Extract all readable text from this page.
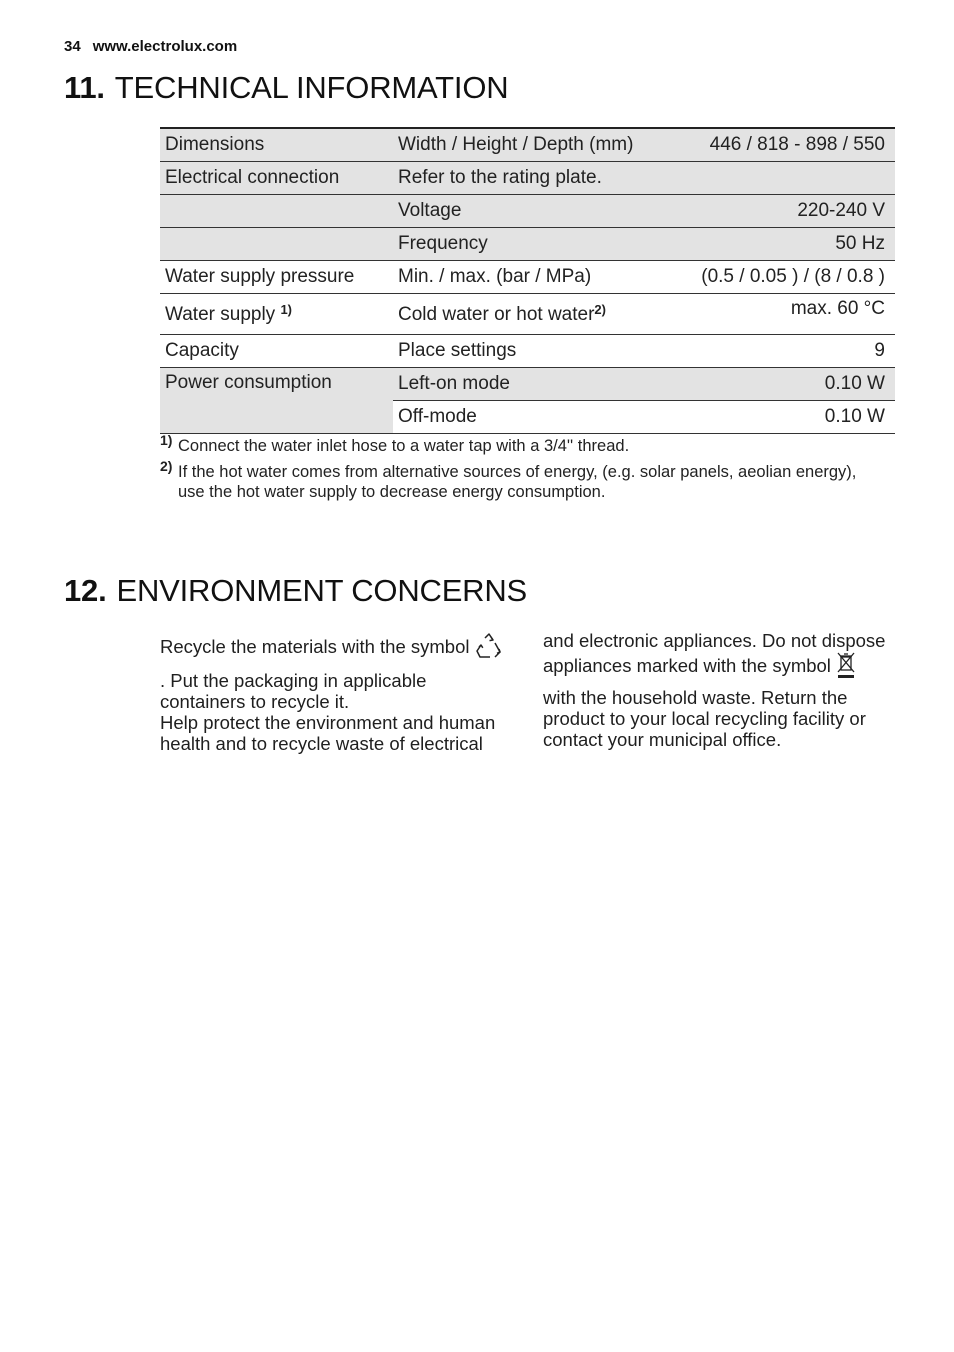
34 www.electrolux.com
11. TECHNICAL INFORMATION
Dimensions	Width / Height / Depth (mm)	446 / 818 - 898 / 550
Electrical connection	Refer to the rating plate.	
	Voltage	220-240 V
	Frequency	50 Hz
Water supply pressure	Min. / max. (bar / MPa)	(0.5 / 0.05 ) / (8 / 0.8 )
Water supply $^{1)}$	Cold water or hot water$^{2)}$	max. 60 °C
Capacity	Place settings	9
Power consumption	Left-on mode	0.10 W
	Off-mode	0.10 W
1) Connect the water inlet hose to a water tap with a 3/4'' thread.
2) If the hot water comes from alternative sources of energy, (e.g. solar panels, aeolian energy), use the hot water supply to decrease energy consumption.
12. ENVIRONMENT CONCERNS

Recycle the materials with the symbol

. Put the packaging in applicable containers to recycle it.

Help protect the environment and human health and to recycle waste of electrical

and electronic appliances. Do not dispose appliances marked with the symbol

with the household waste. Return the product to your local recycling facility or contact your municipal office.
